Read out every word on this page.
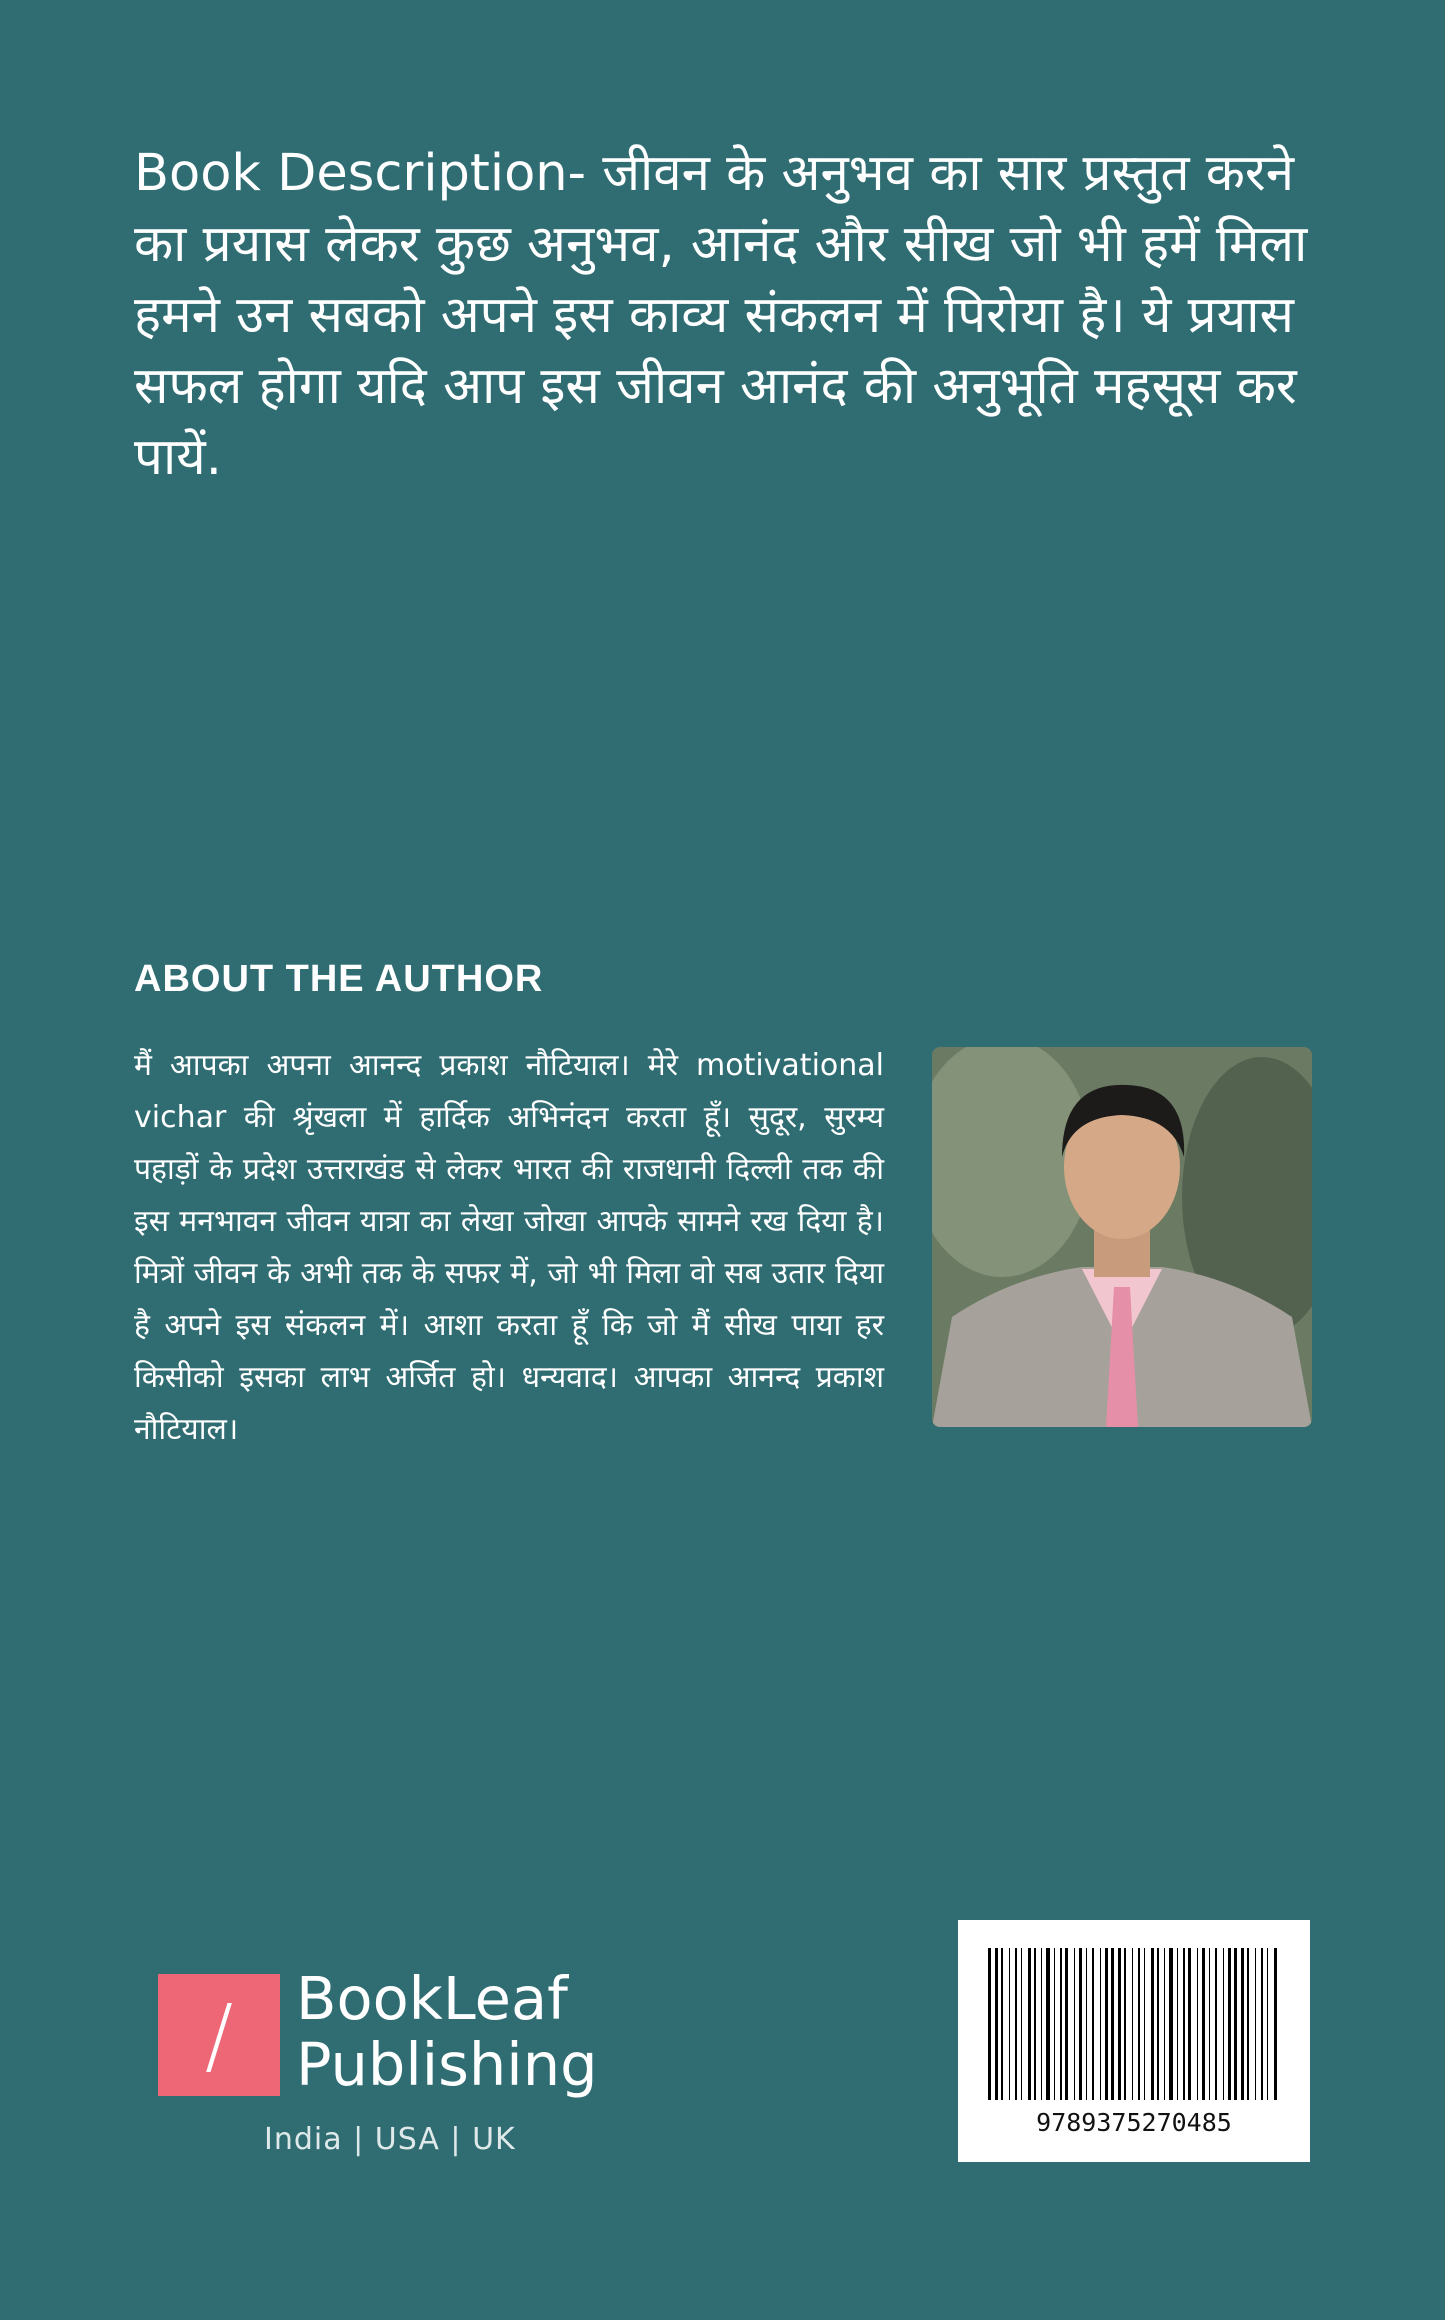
Book Description- जीवन के अनुभव का सार प्रस्तुत करने का प्रयास लेकर कुछ अनुभव, आनंद और सीख जो भी हमें मिला हमने उन सबको अपने इस काव्य संकलन में पिरोया है। ये प्रयास सफल होगा यदि आप इस जीवन आनंद की अनुभूति महसूस कर पायें.

ABOUT THE AUTHOR

मैं आपका अपना आनन्द प्रकाश नौटियाल। मेरे motivational vichar की श्रृंखला में हार्दिक अभिनंदन करता हूँ। सुदूर, सुरम्य पहाड़ों के प्रदेश उत्तराखंड से लेकर भारत की राजधानी दिल्ली तक की इस मनभावन जीवन यात्रा का लेखा जोखा आपके सामने रख दिया है। मित्रों जीवन के अभी तक के सफर में, जो भी मिला वो सब उतार दिया है अपने इस संकलन में। आशा करता हूँ कि जो मैं सीख पाया हर किसीको इसका लाभ अर्जित हो। धन्यवाद। आपका आनन्द प्रकाश नौटियाल।

/	BookLeaf
Publishing
India | USA | UK	9789375270485
